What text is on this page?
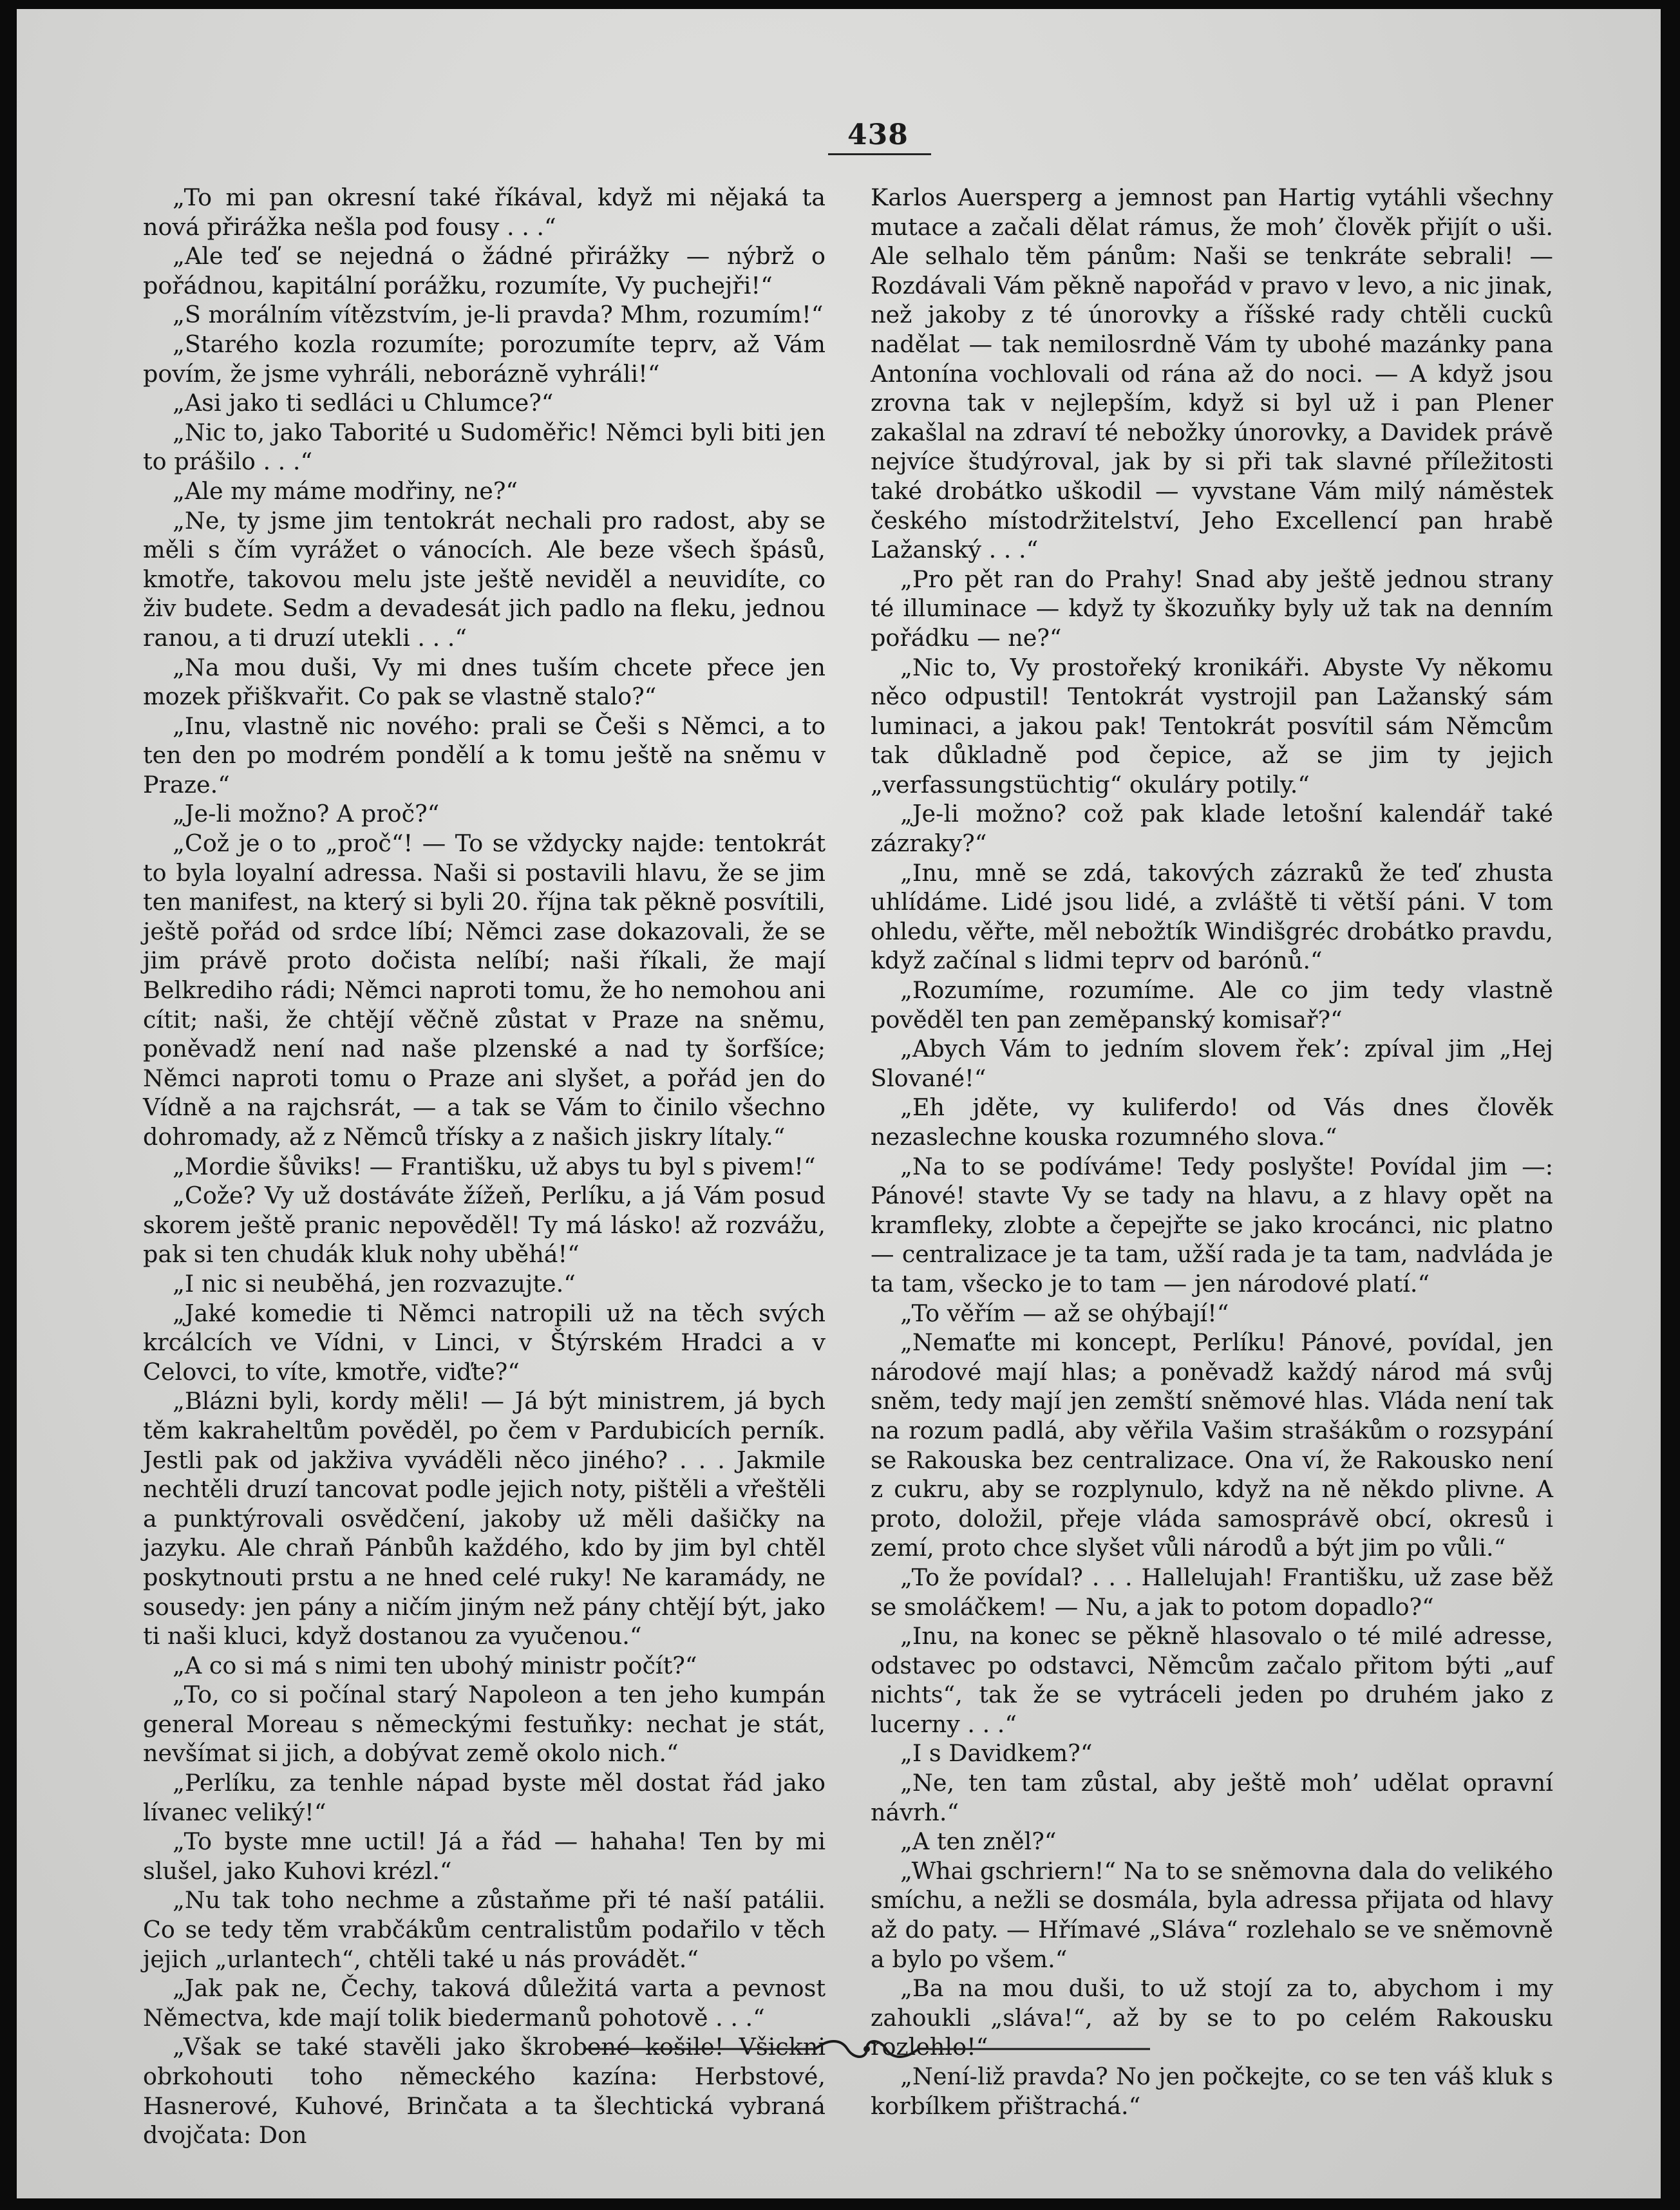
438

„To mi pan okresní také říkával, když mi nějaká ta nová přirážka nešla pod fousy . . .“

„Ale teď se nejedná o žádné přirážky — nýbrž o pořádnou, kapitální porážku, rozumíte, Vy puchejři!“

„S morálním vítězstvím, je-li pravda? Mhm, rozumím!“

„Starého kozla rozumíte; porozumíte teprv, až Vám povím, že jsme vyhráli, neboráznĕ vyhráli!“

„Asi jako ti sedláci u Chlumce?“

„Nic to, jako Taborité u Sudoměřic! Němci byli biti jen to prášilo . . .“

„Ale my máme modřiny, ne?“

„Ne, ty jsme jim tentokrát nechali pro radost, aby se měli s čím vyrážet o vánocích. Ale beze všech špásů, kmotře, takovou melu jste ještě neviděl a neuvidíte, co živ budete. Sedm a devadesát jich padlo na fleku, jednou ranou, a ti druzí utekli . . .“

„Na mou duši, Vy mi dnes tuším chcete přece jen mozek přiškvařit. Co pak se vlastně stalo?“

„Inu, vlastně nic nového: prali se Češi s Němci, a to ten den po modrém pondělí a k tomu ještě na sněmu v Praze.“

„Je-li možno? A proč?“

„Což je o to „proč“! — To se vždycky najde: tentokrát to byla loyalní adressa. Naši si postavili hlavu, že se jim ten manifest, na který si byli 20. října tak pěkně posvítili, ještě pořád od srdce líbí; Němci zase dokazovali, že se jim právě proto dočista nelíbí; naši říkali, že mají Belkrediho rádi; Němci naproti tomu, že ho nemohou ani cítit; naši, že chtějí věčně zůstat v Praze na sněmu, poněvadž není nad naše plzenské a nad ty šorfšíce; Němci naproti tomu o Praze ani slyšet, a pořád jen do Vídně a na rajchsrát, — a tak se Vám to činilo všechno dohromady, až z Němců třísky a z našich jiskry lítaly.“

„Mordie šůviks! — Františku, už abys tu byl s pivem!“

„Cože? Vy už dostáváte žížeň, Perlíku, a já Vám posud skorem ještě pranic nepověděl! Ty má lásko! až rozvážu, pak si ten chudák kluk nohy uběhá!“

„I nic si neuběhá, jen rozvazujte.“

„Jaké komedie ti Němci natropili už na těch svých krcálcích ve Vídni, v Linci, v Štýrském Hradci a v Celovci, to víte, kmotře, viďte?“

„Blázni byli, kordy měli! — Já být ministrem, já bych těm kakraheltům pověděl, po čem v Pardubicích perník. Jestli pak od jakživa vyváděli něco jiného? . . . Jakmile nechtěli druzí tancovat podle jejich noty, pištěli a vřeštěli a punktýrovali osvědčení, jakoby už měli dašičky na jazyku. Ale chraň Pánbůh každého, kdo by jim byl chtěl poskytnouti prstu a ne hned celé ruky! Ne karamády, ne sousedy: jen pány a ničím jiným než pány chtějí být, jako ti naši kluci, když dostanou za vyučenou.“

„A co si má s nimi ten ubohý ministr počít?“

„To, co si počínal starý Napoleon a ten jeho kumpán general Moreau s německými festuňky: nechat je stát, nevšímat si jich, a dobývat země okolo nich.“

„Perlíku, za tenhle nápad byste měl dostat řád jako lívanec veliký!“

„To byste mne uctil! Já a řád — hahaha! Ten by mi slušel, jako Kuhovi krézl.“

„Nu tak toho nechme a zůstaňme při té naší patálii. Co se tedy těm vrabčákům centralistům podařilo v těch jejich „urlantech“, chtěli také u nás provádět.“

„Jak pak ne, Čechy, taková důležitá varta a pevnost Němectva, kde mají tolik biedermanů pohotově . . .“

„Však se také stavěli jako škrobené košile! Všickni obrkohouti toho německého kazína: Herbstové, Hasnerové, Kuhové, Brinčata a ta šlechtická vybraná dvojčata: Don

Karlos Auersperg a jemnost pan Hartig vytáhli všechny mutace a začali dělat rámus, že moh’ člověk přijít o uši. Ale selhalo těm pánům: Naši se tenkráte sebrali! — Rozdávali Vám pěkně napořád v pravo v levo, a nic jinak, než jakoby z té únorovky a říšské rady chtěli cuckû nadělat — tak nemilosrdně Vám ty ubohé mazánky pana Antonína vochlovali od rána až do noci. — A když jsou zrovna tak v nejlepším, když si byl už i pan Plener zakašlal na zdraví té nebožky únorovky, a Davidek právě nejvíce študýroval, jak by si při tak slavné příležitosti také drobátko uškodil — vyvstane Vám milý náměstek českého místodržitelství, Jeho Excellencí pan hrabě Lažanský . . .“

„Pro pět ran do Prahy! Snad aby ještě jednou strany té illuminace — když ty škozuňky byly už tak na denním pořádku — ne?“

„Nic to, Vy prostořeký kronikáři. Abyste Vy někomu něco odpustil! Tentokrát vystrojil pan Lažanský sám luminaci, a jakou pak! Tentokrát posvítil sám Němcům tak důkladně pod čepice, až se jim ty jejich „verfassungstüchtig“ okuláry potily.“

„Je-li možno? což pak klade letošní kalendář také zázraky?“

„Inu, mně se zdá, takových zázraků že teď zhusta uhlídáme. Lidé jsou lidé, a zvláště ti větší páni. V tom ohledu, věřte, měl nebožtík Windišgréc drobátko pravdu, když začínal s lidmi teprv od barónů.“

„Rozumíme, rozumíme. Ale co jim tedy vlastně pověděl ten pan zeměpanský komisař?“

„Abych Vám to jedním slovem řek’: zpíval jim „Hej Slované!“

„Eh jděte, vy kuliferdo! od Vás dnes člověk nezaslechne kouska rozumného slova.“

„Na to se podíváme! Tedy poslyšte! Povídal jim —: Pánové! stavte Vy se tady na hlavu, a z hlavy opět na kramfleky, zlobte a čepejřte se jako krocánci, nic platno — centralizace je ta tam, užší rada je ta tam, nadvláda je ta tam, všecko je to tam — jen národové platí.“

„To věřím — až se ohýbají!“

„Nemaťte mi koncept, Perlíku! Pánové, povídal, jen národové mají hlas; a poněvadž každý národ má svůj sněm, tedy mají jen zemští sněmové hlas. Vláda není tak na rozum padlá, aby věřila Vašim strašákům o rozsypání se Rakouska bez centralizace. Ona ví, že Rakousko není z cukru, aby se rozplynulo, když na ně někdo plivne. A proto, doložil, přeje vláda samosprávě obcí, okresů i zemí, proto chce slyšet vůli národů a být jim po vůli.“

„To že povídal? . . . Hallelujah! Františku, už zase běž se smoláčkem! — Nu, a jak to potom dopadlo?“

„Inu, na konec se pěkně hlasovalo o té milé adresse, odstavec po odstavci, Němcům začalo přitom býti „auf nichts“, tak že se vytráceli jeden po druhém jako z lucerny . . .“

„I s Davidkem?“

„Ne, ten tam zůstal, aby ještě moh’ udělat opravní návrh.“

„A ten zněl?“

„Whai gschriern!“ Na to se sněmovna dala do velikého smíchu, a nežli se dosmála, byla adressa přijata od hlavy až do paty. — Hřímavé „Sláva“ rozlehalo se ve sněmovně a bylo po všem.“

„Ba na mou duši, to už stojí za to, abychom i my zahoukli „sláva!“, až by se to po celém Rakousku rozlehlo!“

„Není-liž pravda? No jen počkejte, co se ten váš kluk s korbílkem přištrachá.“
